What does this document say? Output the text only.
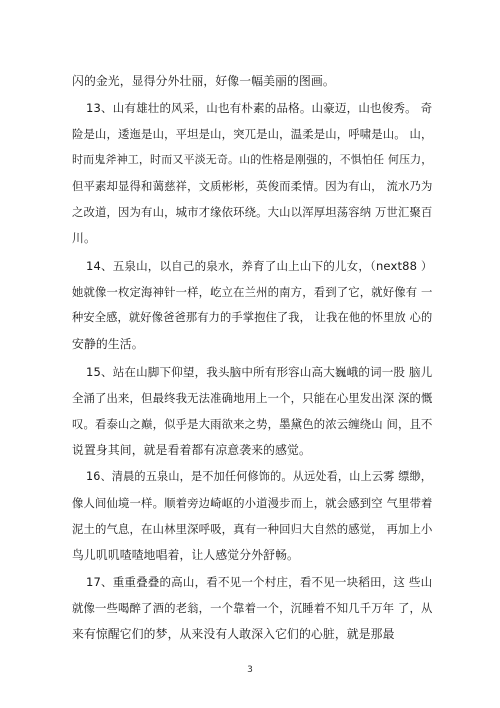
闪的金光，显得分外壮丽，好像一幅美丽的图画。
13、山有雄壮的风采，山也有朴素的品格。山豪迈，山也俊秀。 奇
险是山，逶迤是山，平坦是山，突兀是山，温柔是山，呼啸是山。 山，
时而鬼斧神工，时而又平淡无奇。山的性格是刚强的，不惧怕任 何压力，
但平素却显得和蔼慈祥，文质彬彬，英俊而柔情。因为有山， 流水乃为
之改道，因为有山，城市才缘依环绕。大山以浑厚坦荡容纳 万世汇聚百
川。
14、五泉山，以自己的泉水，养育了山上山下的儿女，（next88 ）
她就像一枚定海神针一样，屹立在兰州的南方，看到了它，就好像有 一
种安全感，就好像爸爸那有力的手掌抱住了我， 让我在他的怀里放 心的
安静的生活。
15、站在山脚下仰望，我头脑中所有形容山高大巍峨的词一股 脑儿
全涌了出来，但最终我无法准确地用上一个，只能在心里发出深 深的慨
叹。看泰山之巅，似乎是大雨欲来之势，墨黛色的浓云缠绕山 间，且不
说置身其间，就是看着都有凉意袭来的感觉。
16、清晨的五泉山，是不加任何修饰的。从远处看，山上云雾 缥缈，
像人间仙境一样。顺着旁边崎岖的小道漫步而上，就会感到空 气里带着
泥土的气息，在山林里深呼吸，真有一种回归大自然的感觉， 再加上小
鸟儿叽叽喳喳地唱着，让人感觉分外舒畅。
17、重重叠叠的高山，看不见一个村庄，看不见一块稻田，这 些山
就像一些喝醉了酒的老翁，一个靠着一个，沉睡着不知几千万年 了，从
来有惊醒它们的梦，从来没有人敢深入它们的心脏，就是那最
3
